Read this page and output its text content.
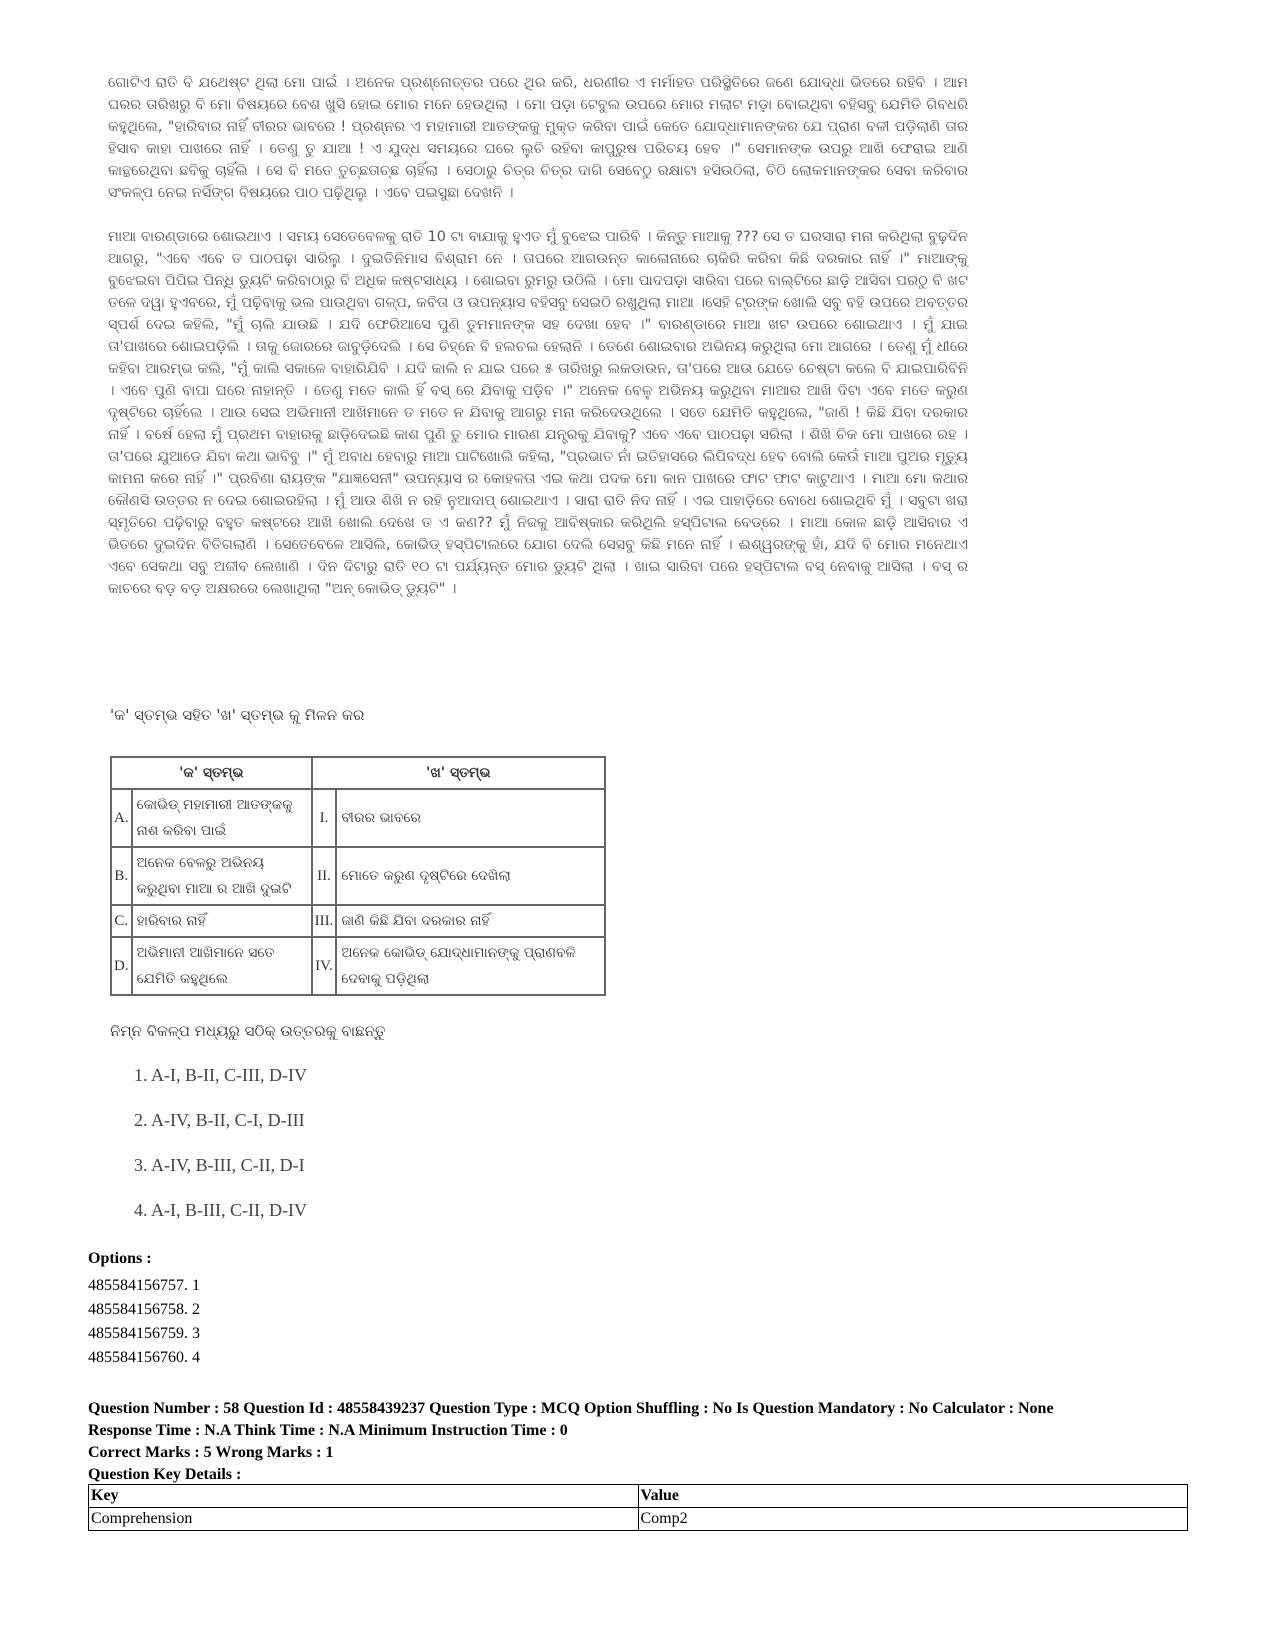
ଗୋଟିଏ ରାତି ବି ଯଥେଷ୍ଟ ଥିଲା ମୋ ପାଇଁ । ଅନେକ ପ୍ରଶ୍ନୋତ୍ତର ପରେ ଥିର କରି, ଧରଣୀର ଏ ମର୍ମାହତ ପରିସ୍ଥିତିରେ ଜଣେ ଯୋଦ୍ଧା ଭିତରେ ରହିବି । ଆମ ଘରର ତାରିଖରୁ ବି ମୋ ବିଷୟରେ ବେଶ ଖୁସି ହୋଇ ମୋର ମନେ ହେଉଥିଲା । ମୋ ପଡ଼ା ଟେବୁଲ ଉପରେ ମୋର ମଲାଟ ମଡ଼ା ବୋଇଥିବା ବହିସବୁ ଯେମିତି ଗିବଧରି କହୁଥିଲେ, "ହାରିବାର ନାହିଁ ବୀରର ଭାବରେ ! ପ୍ରଶ୍ନର ଏ ମହାମାରୀ ଆତଙ୍କକୁ ମୁକ୍ତ କରିବା ପାଇଁ କେତେ ଯୋଦ୍ଧାମାନଙ୍କର ଯେ ପ୍ରାଣ ବଳୀ ପଡ଼ିଲାଣି ତାର ହିସାବ କାହା ପାଖରେ ନାହିଁ । ତେଣୁ ତୁ ଯାଆ ! ଏ ଯୁଦ୍ଧ ସମୟରେ ଘରେ ଲୁଚି ରହିବା କାପୁରୁଷ ପରିଚୟ ହେବ ।" ସେମାନଙ୍କ ଉପରୁ ଆଖି ଫେରାଇ ଆଣି କାନ୍ଥରେଥିବା ଛବିକୁ ଚାହିଁଲି । ସେ ବି ମତେ ତୁଚ୍ଛତାଚ୍ଛ ଚାହିଁଲା । ସେଠାରୁ ଚିତ୍ର ଚିତ୍ର ଦାଗି ସେବେଠୁ ରକ୍ଷାଟା ହସିଉଠିଲା, ଚିଠି ଲୋକମାନଙ୍କର ସେବା କରିବାର ସଂକଳ୍ପ ନେଇ ନର୍ସିଙ୍ଗ ବିଷୟରେ ପାଠ ପଢ଼ିଥିଲୁ । ଏବେ ପଇସୁଛା ଦେଖନି ।

ମାଆ ବାରଣ୍ଡାରେ ଶୋଇଥାଏ । ସମୟ ସେତେବେଳକୁ ରାତି 10 ଟା ବାଯାକୁ ହୁଏତ ମୁଁ ବୁଝେଇ ପାରିବି । କିନ୍ତୁ ମାଆକୁ ??? ସେ ତ ଘରସାରା ମନା କରିଥିଲା ବୁଢ଼ଦିନ ଆଗରୁ, "ଏବେ ଏବେ ତ ପାଠପଢ଼ା ସାରିଲୁ । ଦୁଇତିନିମାସ ବିଶ୍ରାମ ନେ । ତାପରେ ଆଗଉନ୍ତ କାଳୋନାରେ ଚାକିରି କରିବା କିଛି ଦରକାର ନାହିଁ ।" ମାଆଙ୍କୁ ବୁଝେଇବା ପିପିଇ ପିନ୍ଧି ଡ୍ୟୁଟି କରିବାଠାରୁ ବି ଅଧିକ କଷ୍ଟସାଧ୍ୟ । ଶୋଇବା ରୁମରୁ ଉଠିଲି । ମୋ ପାଦପଡ଼ା ସାରିବା ପରେ ବାଲ୍ଟିରେ ଛାଡ଼ି ଆସିବା ପରଠୁ ବି ଖଟ ତଳେ ଦୱା ହୁଏବରେ, ମୁଁ ପଢ଼ିବାକୁ ଭଲ ପାଉଥିବା ଗଳ୍ପ, କବିତା ଓ ଉପନ୍ୟାସ ବହିସବୁ ସେଇଠି ରଖୁଥିଲା ମାଆ ।ସେହି ଟ୍ରଙ୍କ ଖୋଲି ସବୁ ବହି ଉପରେ ଅବତ୍ତର ସ୍ପର୍ଶ ଦେଇ କହିଲି, "ମୁଁ ଚାଲି ଯାଉଛି । ଯଦି ଫେରିଆସେ ପୁଣି ତୁମମାନଙ୍କ ସହ ଦେଖା ହେବ ।" ବାରଣ୍ଡାରେ ମାଆ ଖଟ ଉପରେ ଶୋଇଥାଏ । ମୁଁ ଯାଇ ତା'ପାଖରେ ଶୋଇପଡ଼ିଲି । ତାକୁ ଜୋରରେ ଜାବୁଡ଼ିଦେଲି । ସେ ଚିହ୍ନେ ବି ହଲଚଲ ହେଲାନି । ତେଣେ ଶୋଇବାର ଅଭିନୟ କରୁଥିଲା ମୋ ଆଗରେ । ତେଣୁ ମୁଁ ଧୀରେ କହିବା ଆରମ୍ଭ କଲି, "ମୁଁ କାଲି ସକାଳେ ବାହାରିଯିବି । ଯଦି କାଲି ନ ଯାଇ ପରେ ୫ ତାରିଖରୁ ଲକଡାଉନ, ତା'ପରେ ଆଉ ଯେତେ ଚେଷ୍ଟା କଲେ ବି ଯାଇପାରିବିନି । ଏବେ ପୁଣି ବାପା ଘରେ ନାହାନ୍ତି । ତେଣୁ ମତେ କାଲି ହିଁ ବସ୍ ରେ ଯିବାକୁ ପଡ଼ିବ ।" ଅନେକ ବେଳୁ ଅଭିନୟ କରୁଥିବା ମାଆର ଆଖି ଦିଟା ଏବେ ମତେ କରୁଣ ଦୃଷ୍ଟିରେ ଚାହିଁଲେ । ଆଉ ସେଇ ଅଭିମାନୀ ଆଖିମାନେ ତ ମତେ ନ ଯିବାକୁ ଆଗରୁ ମନା କରିଦେଉଥିଲେ । ସତେ ଯେମିତି କହୁଥିଲେ, "ଜାଣି ! କିଛି ଯିବା ଦରକାର ନାହିଁ । ବର୍ଷେ ହେଲା ମୁଁ ପ୍ରଥମ ବାହାରକୁ ଛାଡ଼ିଦେଇଛି କାଶ ପୁଣି ତୁ ମୋର ମାରଣ ଯନ୍ତ୍ରକୁ ଯିବାକୁ? ଏବେ ଏବେ ପାଠପଢ଼ା ସରିଲା । ଶିଖି ଚିକ ମୋ ପାଖରେ ରହ । ତା'ପରେ ଯୁଆଡେ ଯିବା କଥା ଭାବିବୁ ।" ମୁଁ ଅବାଧ ହେବାରୁ ମାଆ ପାଟିଖୋଲି କହିଲା, "ପ୍ରଭାତ ନାଁ ଇତିହାସରେ ଲିପିବଦ୍ଧ ହେବ ବୋଲି କେଉଁ ମାଆ ପୁଅର ମୃତ୍ୟୁ କାମନା କରେ ନାହିଁ ।" ପ୍ରବିଣା ରାୟଙ୍କ "ଯାଜ୍ଞସେନୀ" ଉପନ୍ୟାସ ର କୋହଳତା ଏଇ କଥା ପଦକ ମୋ କାନ ପାଖରେ ଫାଟ ଫାଟ କାଟୁଥାଏ । ମାଆ ମୋ କଥାର କୌଣସି ଉତ୍ତର ନ ଦେଇ ଶୋଇରହିଲା । ମୁଁ ଆଉ ଶିଖି ନ ରହି ନୁଆଦାପ୍ ଶୋଇଥାଏ । ସାରା ରାତି ନିଦ ନାହିଁ । ଏଇ ପାହାଡ଼ିରେ ବୋଧେ ଶୋଇଥିବି ମୁଁ । ସବୁଟା ଖରା ସ୍ମୃତିରେ ପଢ଼ିବାରୁ ବହୁତ କଷ୍ଟରେ ଆଖି ଖୋଲି ଦେଖେ ତ ଏ କଣ?? ମୁଁ ନିଜକୁ ଆବିଷ୍କାର କରିଥିଲି ହସ୍ପିଟାଲ ବେଡ୍‌ରେ । ମାଆ କୋଳ ଛାଡ଼ି ଆସିବାର ଏ ଭିତରେ ଦୁଇଦିନ ବିତିଗଲାଣି । ସେତେବେଳେ ଆସିଲି, କୋଭିଡ୍ ହସ୍ପିଟାଲରେ ଯୋଗ ଦେଲି ସେସବୁ କିଛି ମନେ ନାହିଁ । ଈଶ୍ୱରଙ୍କୁ ହାଁ, ଯଦି ବି ମୋର ମନେଥାଏ ଏବେ ସେକଥା ସବୁ ଅଜୀବ ଲେଖାଣି । ଦିନ ଦିଟାରୁ ରାତି ୧୦ ଟା ପର୍ଯ୍ୟନ୍ତ ମୋର ଡ୍ୟୁଟି ଥିଲା । ଖାଇ ସାରିବା ପରେ ହସ୍ପିଟାଲ ବସ୍ ନେବାକୁ ଆସିଲା । ବସ୍ ର କାଚରେ ବଡ଼ ବଡ଼ ଅକ୍ଷରରେ ଲେଖାଥିଲା "ଅନ୍ କୋଭିଡ୍ ଡ୍ୟୁଟି" ।

'କ' ସ୍ତମ୍ଭ ସହିତ 'ଖ' ସ୍ତମ୍ଭ କୁ ମିଳନ କର
'କ' ସ୍ତମ୍ଭ		'ଖ' ସ୍ତମ୍ଭ	
A.	କୋଭିଡ୍ ମହାମାରୀ ଆତଙ୍କକୁ ନାଶ କରିବା ପାଇଁ	I.	ବୀରର ଭାବରେ
B.	ଅନେକ ବେଳରୁ ଅଭିନୟ କରୁଥିବା ମାଆ ର ଆଖି ଦୁଇଟି	II.	ମୋତେ କରୁଣ ଦୃଷ୍ଟିରେ ଦେଖିଲା
C.	ହାରିବାର ନାହିଁ	III.	ଜାଣି କିଛି ଯିବା ଦରକାର ନାହିଁ
D.	ଅଭିମାନୀ ଆଖିମାନେ ସତେ ଯେମିତି କହୁଥିଲେ	IV.	ଅନେକ କୋଭିଡ୍ ଯୋଦ୍ଧାମାନଙ୍କୁ ପ୍ରାଣବଳି ଦେବାକୁ ପଡ଼ିଥିଲା
ନିମ୍ନ ବିକଳ୍ପ ମଧ୍ୟରୁ ସଠିକ୍ ଉତ୍ତରକୁ ବାଛନ୍ତୁ
1. A-I, B-II, C-III, D-IV
2. A-IV, B-II, C-I, D-III
3. A-IV, B-III, C-II, D-I
4. A-I, B-III, C-II, D-IV
Options :
485584156757. 1
485584156758. 2
485584156759. 3
485584156760. 4
Question Number : 58 Question Id : 48558439237 Question Type : MCQ Option Shuffling : No Is Question Mandatory : No Calculator : None
Response Time : N.A Think Time : N.A Minimum Instruction Time : 0
Correct Marks : 5 Wrong Marks : 1
Question Key Details :
Key	Value
Comprehension	Comp2
